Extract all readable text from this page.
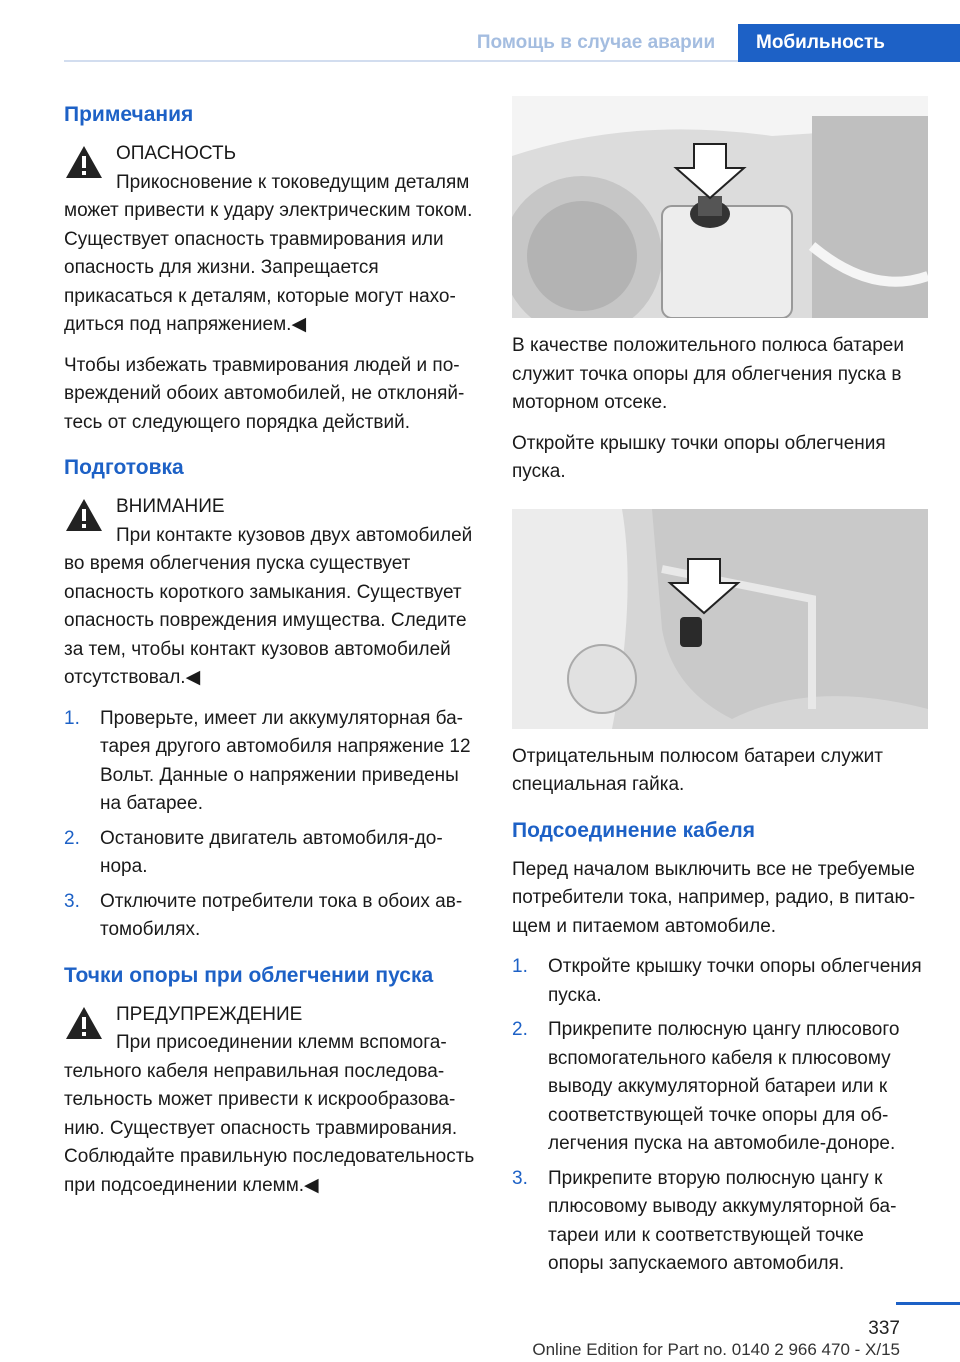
Помощь в случае аварии	Мобильность
Примечания
ОПАСНОСТЬ
Прикосновение к токоведущим деталям может привести к удару электрическим током. Существует опасность травмирования или опасность для жизни. Запрещается прикасаться к деталям, которые могут находиться под напряжением.◀

Чтобы избежать травмирования людей и повреждений обоих автомобилей, не отклоняйтесь от следующего порядка действий.

Подготовка
ВНИМАНИЕ
При контакте кузовов двух автомобилей во время облегчения пуска существует опасность короткого замыкания. Существует опасность повреждения имущества. Следите за тем, чтобы контакт кузовов автомобилей отсутствовал.◀
1. Проверьте, имеет ли аккумуляторная батарея другого автомобиля напряжение 12 Вольт. Данные о напряжении приведены на батарее.
2. Остановите двигатель автомобиля-донора.
3. Отключите потребители тока в обоих автомобилях.
Точки опоры при облегчении пуска
ПРЕДУПРЕЖДЕНИЕ
При присоединении клемм вспомогательного кабеля неправильная последовательность может привести к искрообразованию. Существует опасность травмирования. Соблюдайте правильную последовательность при подсоединении клемм.◀

В качестве положительного полюса батареи служит точка опоры для облегчения пуска в моторном отсеке.

Откройте крышку точки опоры облегчения пуска.

Отрицательным полюсом батареи служит специальная гайка.

Подсоединение кабеля

Перед началом выключить все не требуемые потребители тока, например, радио, в питающем и питаемом автомобиле.

1. Откройте крышку точки опоры облегчения пуска.
2. Прикрепите полюсную цангу плюсового вспомогательного кабеля к плюсовому выводу аккумуляторной батареи или к соответствующей точке опоры для облегчения пуска на автомобиле-доноре.
3. Прикрепите вторую полюсную цангу к плюсовому выводу аккумуляторной батареи или к соответствующей точке опоры запускаемого автомобиля.
337
Online Edition for Part no. 0140 2 966 470 - X/15
